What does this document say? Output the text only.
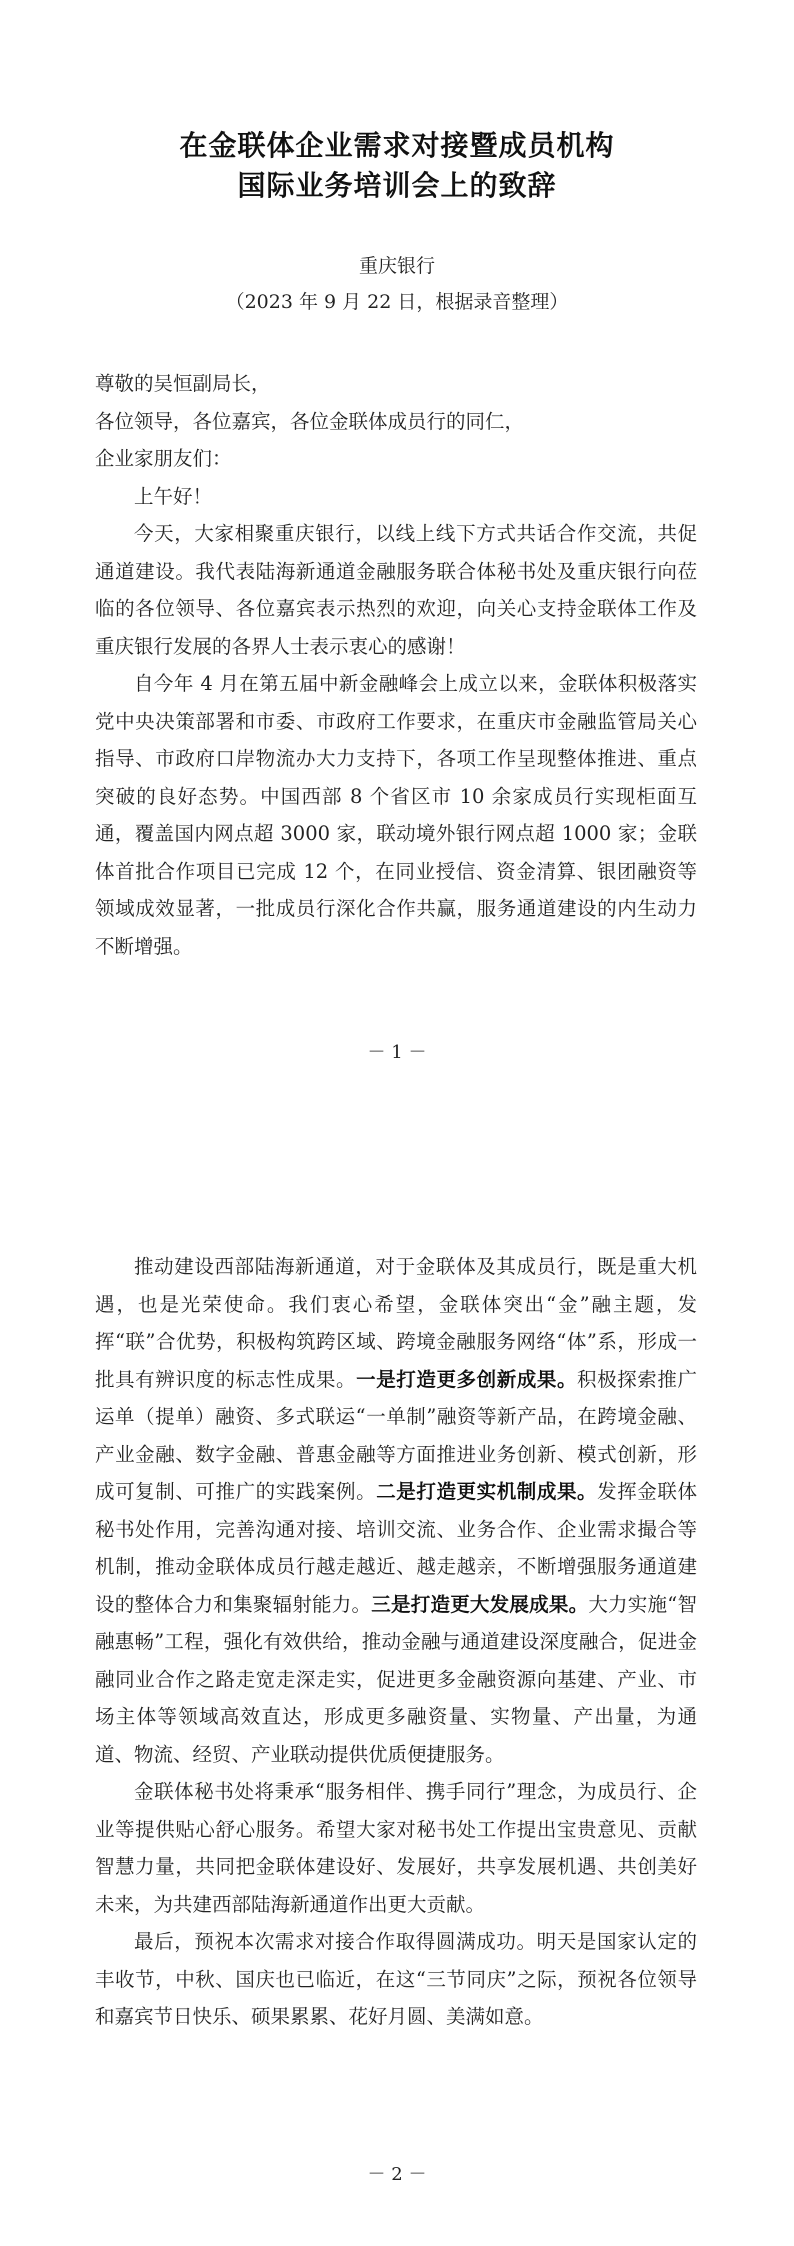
在金联体企业需求对接暨成员机构
国际业务培训会上的致辞
重庆银行
（2023 年 9 月 22 日，根据录音整理）

尊敬的吴恒副局长，

各位领导，各位嘉宾，各位金联体成员行的同仁，

企业家朋友们：

上午好！

今天，大家相聚重庆银行，以线上线下方式共话合作交流，共促通道建设。我代表陆海新通道金融服务联合体秘书处及重庆银行向莅临的各位领导、各位嘉宾表示热烈的欢迎，向关心支持金联体工作及重庆银行发展的各界人士表示衷心的感谢！

自今年 4 月在第五届中新金融峰会上成立以来，金联体积极落实党中央决策部署和市委、市政府工作要求，在重庆市金融监管局关心指导、市政府口岸物流办大力支持下，各项工作呈现整体推进、重点突破的良好态势。中国西部 8 个省区市 10 余家成员行实现柜面互通，覆盖国内网点超 3000 家，联动境外银行网点超 1000 家；金联体首批合作项目已完成 12 个，在同业授信、资金清算、银团融资等领域成效显著，一批成员行深化合作共赢，服务通道建设的内生动力不断增强。

－ 1 －

推动建设西部陆海新通道，对于金联体及其成员行，既是重大机遇，也是光荣使命。我们衷心希望，金联体突出“金”融主题，发挥“联”合优势，积极构筑跨区域、跨境金融服务网络“体”系，形成一批具有辨识度的标志性成果。一是打造更多创新成果。积极探索推广运单（提单）融资、多式联运“一单制”融资等新产品，在跨境金融、产业金融、数字金融、普惠金融等方面推进业务创新、模式创新，形成可复制、可推广的实践案例。二是打造更实机制成果。发挥金联体秘书处作用，完善沟通对接、培训交流、业务合作、企业需求撮合等机制，推动金联体成员行越走越近、越走越亲，不断增强服务通道建设的整体合力和集聚辐射能力。三是打造更大发展成果。大力实施“智融惠畅”工程，强化有效供给，推动金融与通道建设深度融合，促进金融同业合作之路走宽走深走实，促进更多金融资源向基建、产业、市场主体等领域高效直达，形成更多融资量、实物量、产出量，为通道、物流、经贸、产业联动提供优质便捷服务。

金联体秘书处将秉承“服务相伴、携手同行”理念，为成员行、企业等提供贴心舒心服务。希望大家对秘书处工作提出宝贵意见、贡献智慧力量，共同把金联体建设好、发展好，共享发展机遇、共创美好未来，为共建西部陆海新通道作出更大贡献。

最后，预祝本次需求对接合作取得圆满成功。明天是国家认定的丰收节，中秋、国庆也已临近，在这“三节同庆”之际，预祝各位领导和嘉宾节日快乐、硕果累累、花好月圆、美满如意。

－ 2 －
